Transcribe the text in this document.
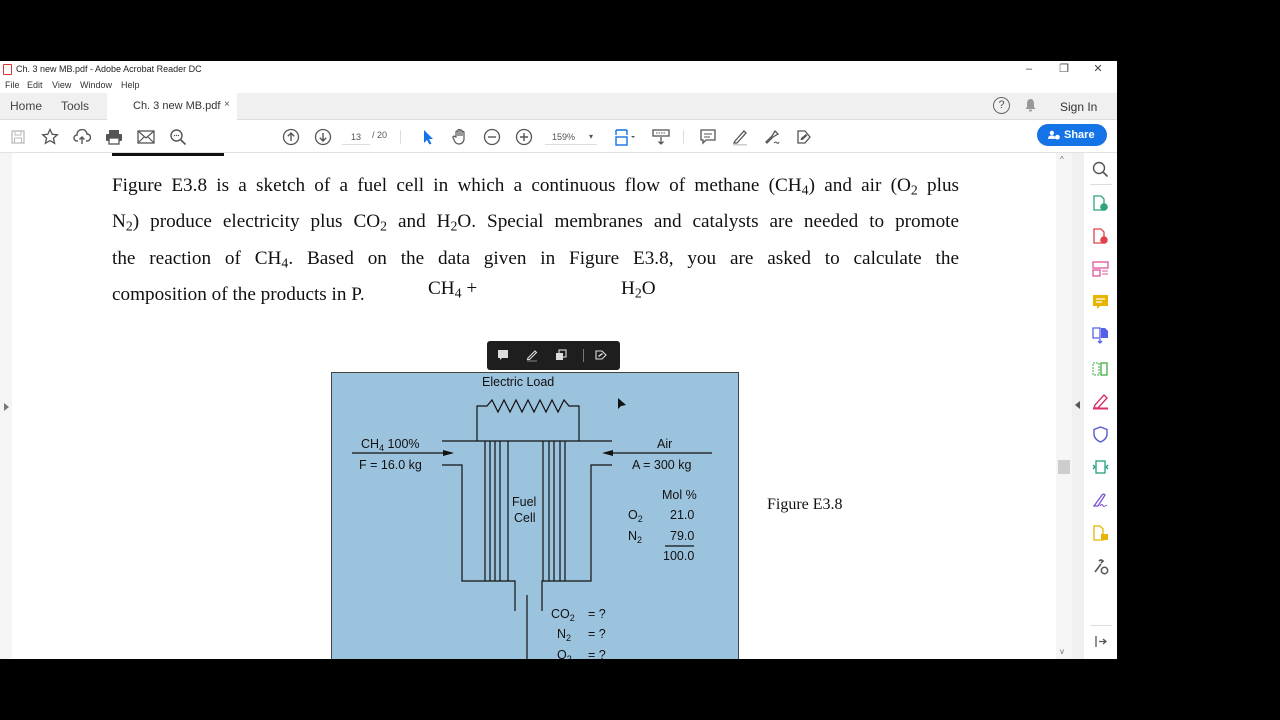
Ch. 3 new MB.pdf - Adobe Acrobat Reader DC	–	❐	✕
File Edit View Window Help
Home Tools	Ch. 3 new MB.pdf ×	?	Sign In
13	/ 20	159% ▾	Share
Figure E3.8 is a sketch of a fuel cell in which a continuous flow of methane $(CH_4)$ and air ($O_2$ plus
$N_2$) produce electricity plus $CO_2$ and $H_2O$. Special membranes and catalysts are needed to promote
the reaction of $CH_4$. Based on the data given in Figure E3.8, you are asked to calculate the
composition of the products in P.	$CH_4$ +	$H_2O$
Electric Load
$CH_4$ 100%
F = 16.0 kg
Air
A = 300 kg
Fuel
Cell
Mol %
$O_2$ 21.0
$N_2$ 79.0
100.0
$CO_2$ = ?
$N_2$ = ?
$O_2$ = ?
$H_2O$ = ?
P = ? (kg mol)
Figure E3.8
^
v
